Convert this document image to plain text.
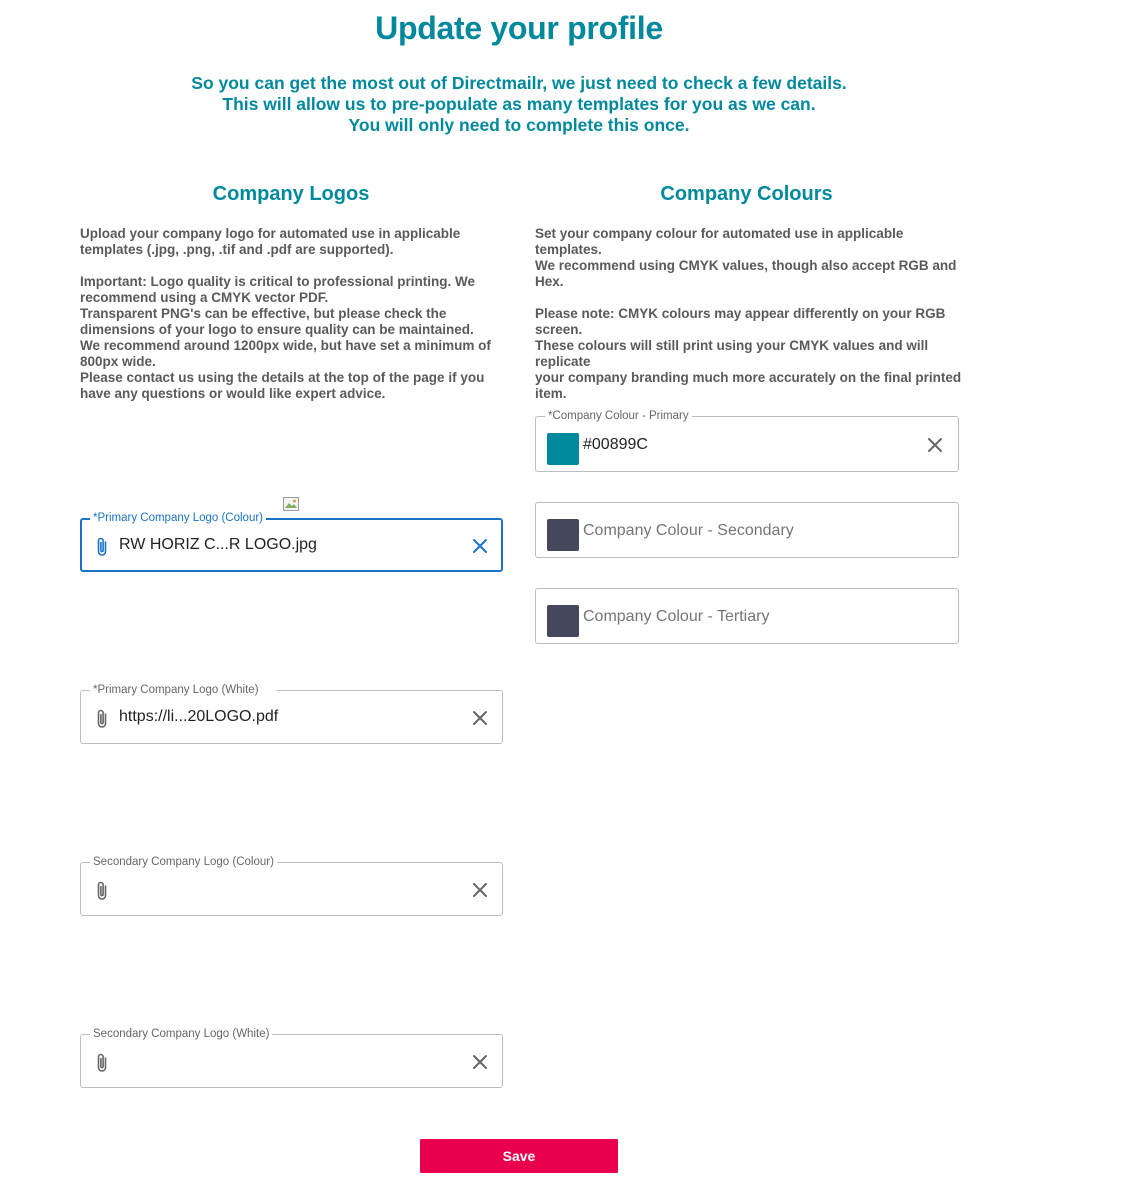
Update your profile
So you can get the most out of Directmailr, we just need to check a few details.
This will allow us to pre-populate as many templates for you as we can.
You will only need to complete this once.
Company Logos

Upload your company logo for automated use in applicable templates (.jpg, .png, .tif and .pdf are supported).

Important: Logo quality is critical to professional printing. We recommend using a CMYK vector PDF.
Transparent PNG's can be effective, but please check the dimensions of your logo to ensure quality can be maintained.
We recommend around 1200px wide, but have set a minimum of 800px wide.
Please contact us using the details at the top of the page if you have any questions or would like expert advice.

*Primary Company Logo (Colour)
RW HORIZ C...R LOGO.jpg
*Primary Company Logo (White)
https://li...20LOGO.pdf
Secondary Company Logo (Colour)
Secondary Company Logo (White)
Company Colours

Set your company colour for automated use in applicable templates.
We recommend using CMYK values, though also accept RGB and Hex.

Please note: CMYK colours may appear differently on your RGB screen.
These colours will still print using your CMYK values and will replicate
your company branding much more accurately on the final printed item.

*Company Colour - Primary
#00899C
Company Colour - Secondary
Company Colour - Tertiary
Save
